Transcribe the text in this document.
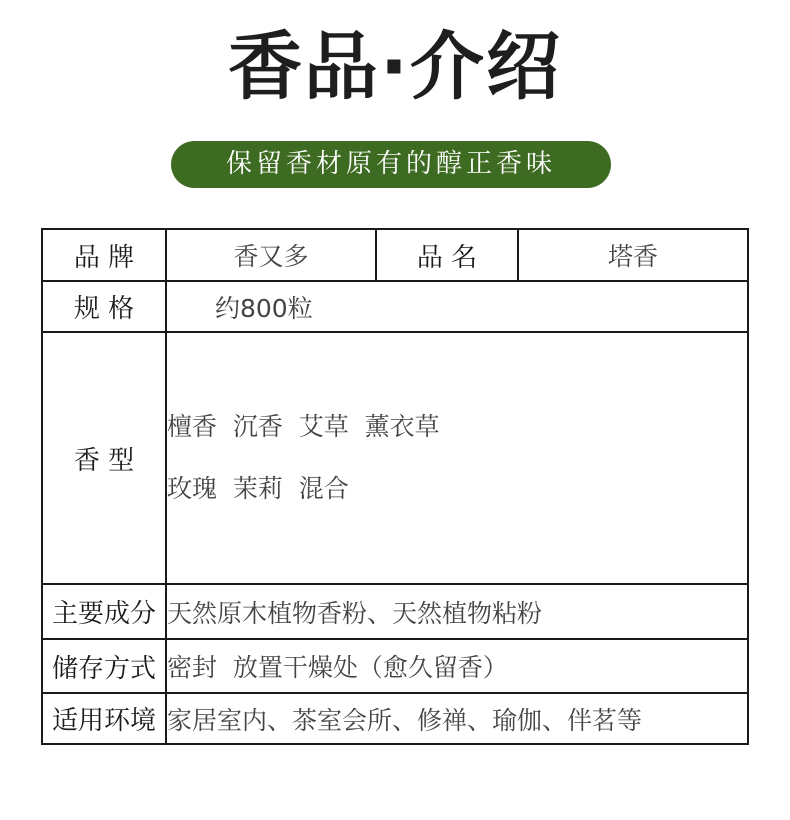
香品·介绍
保留香材原有的醇正香味
品 牌	香又多	品 名	塔香
规 格	约800粒		
香 型	檀香  沉香  艾草  薰衣草
玫瑰  茉莉  混合		

主要成分	天然原木植物香粉、天然植物粘粉		
储存方式	密封  放置干燥处（愈久留香）		
适用环境	家居室内、茶室会所、修禅、瑜伽、伴茗等		
